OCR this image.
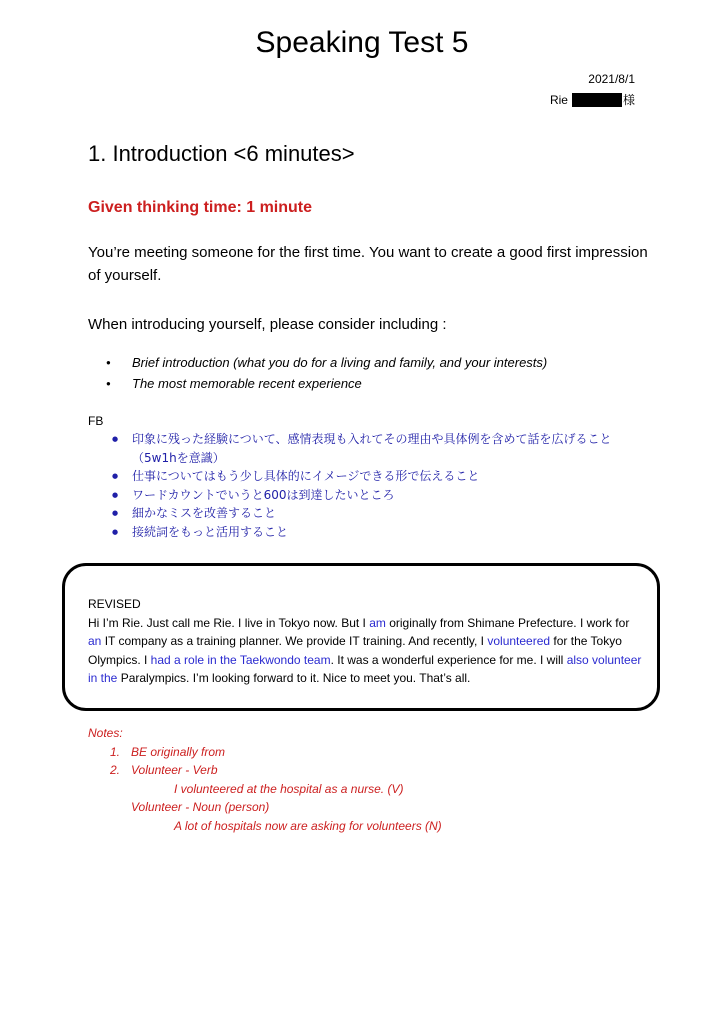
Speaking Test 5
2021/8/1
Rie	様
1. Introduction <6 minutes>
Given thinking time: 1 minute
You’re meeting someone for the first time. You want to create a good first impression of yourself.
When introducing yourself, please consider including :
● Brief introduction (what you do for a living and family, and your interests)
● The most memorable recent experience
FB
● 印象に残った経験について、感情表現も入れてその理由や具体例を含めて話を広げること（5w1hを意識）
● 仕事についてはもう少し具体的にイメージできる形で伝えること
● ワードカウントでいうと600は到達したいところ
● 細かなミスを改善すること
● 接続詞をもっと活用すること
REVISED
Hi I’m Rie. Just call me Rie. I live in Tokyo now. But I am originally from Shimane Prefecture. I work for an IT company as a training planner. We provide IT training. And recently, I volunteered for the Tokyo Olympics. I had a role in the Taekwondo team. It was a wonderful experience for me. I will also volunteer in the Paralympics. I’m looking forward to it. Nice to meet you. That’s all.
Notes:
1. BE originally from
2. Volunteer - Verb
I volunteered at the hospital as a nurse. (V)
Volunteer - Noun (person)
A lot of hospitals now are asking for volunteers (N)
